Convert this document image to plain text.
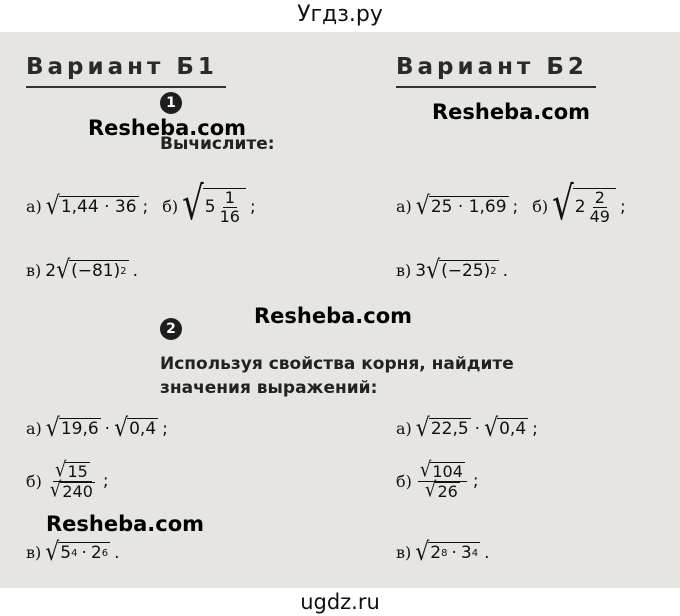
Угдз.ру
Вариант Б1	Вариант Б2
1
Resheba.com
Resheba.com
Вычислите:
а) √ 1,44 · 36 ; б) √ $5 \frac{1}{16}$ ;	а) √ 25 · 1,69 ; б) √ $2 \frac{2}{49}$ ;
в) 2 √ (−81) 2 .	в) 3 √ (−25) 2 .
2
Resheba.com
Используя свойства корня, найдите
значения выражений:
а) √ 19,6 · √ 0,4 ;	а) √ 22,5 · √ 0,4 ;
$б) \frac{√ 15}{√ 240}$ ;	$б) \frac{√ 104}{√ 26}$ ;
Resheba.com
в) √ 5 4 · 2 6 .	в) √ 2 8 · 3 4 .
ugdz.ru
